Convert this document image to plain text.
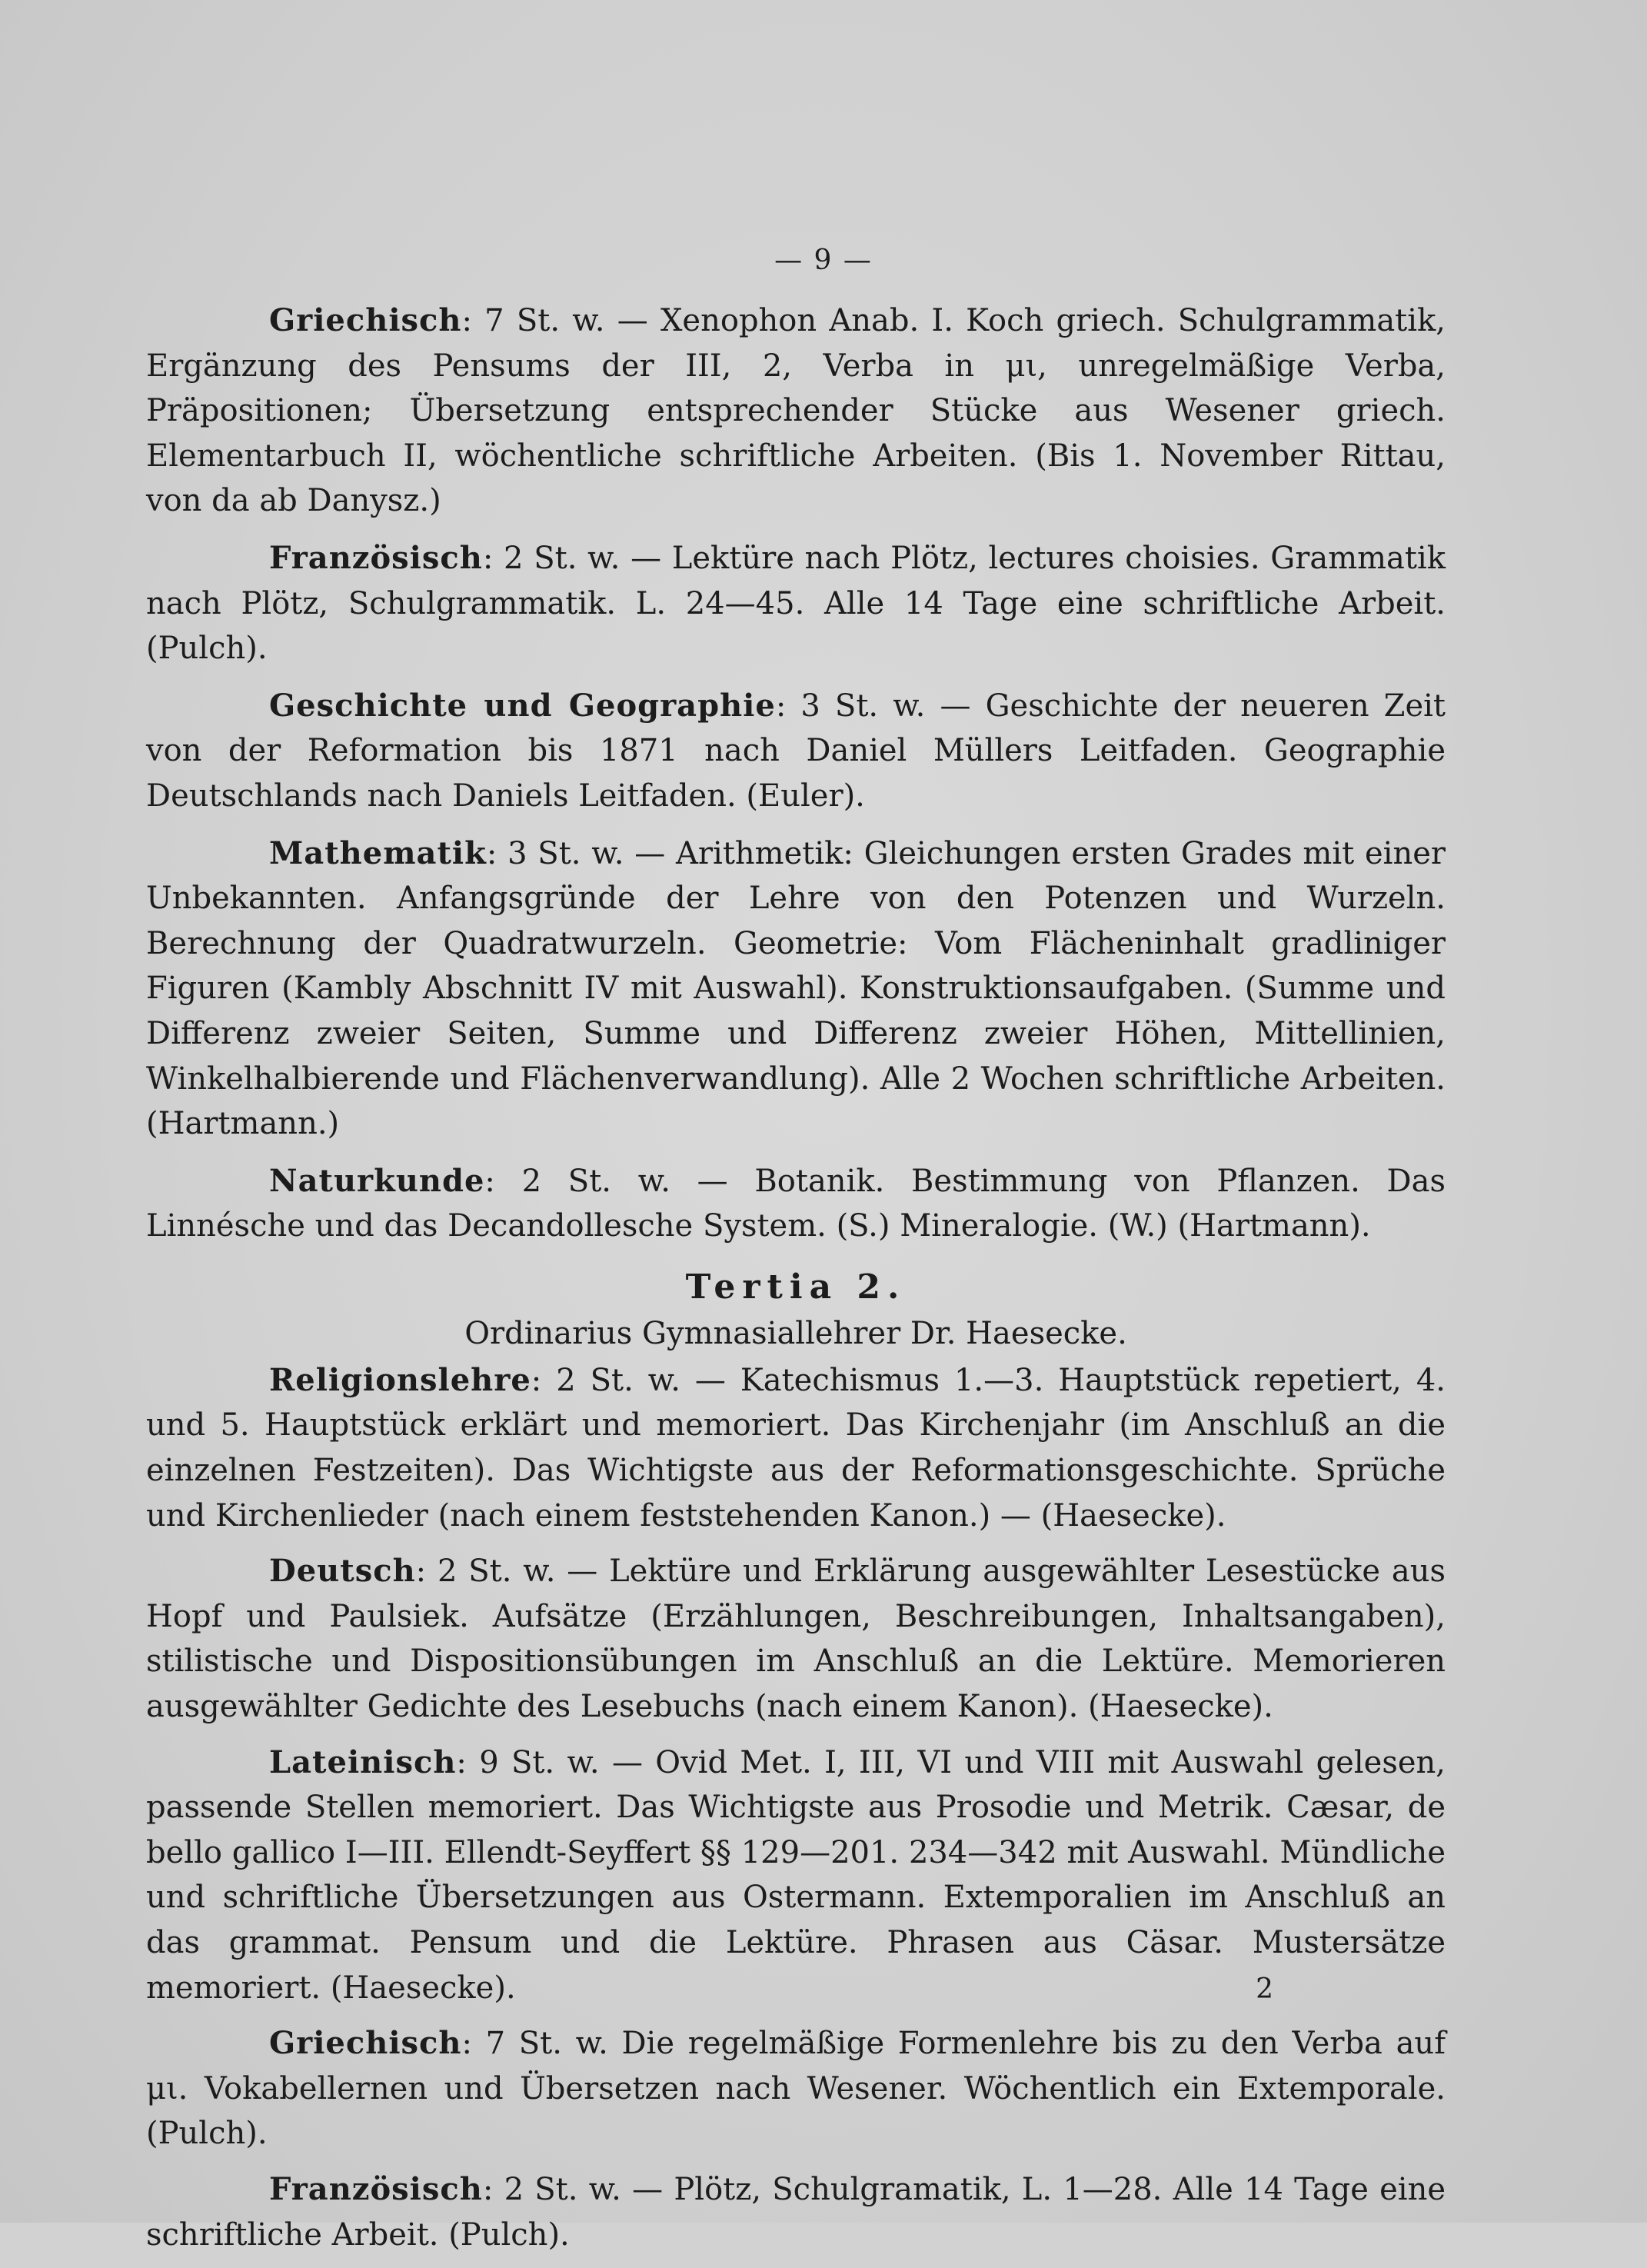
— 9 —

Griechisch: 7 St. w. — Xenophon Anab. I. Koch griech. Schulgrammatik, Ergänzung des Pensums der III, 2, Verba in μι, unregelmäßige Verba, Präpositionen; Übersetzung entsprechender Stücke aus Wesener griech. Elementarbuch II, wöchentliche schriftliche Arbeiten. (Bis 1. November Rittau, von da ab Danysz.)

Französisch: 2 St. w. — Lektüre nach Plötz, lectures choisies. Grammatik nach Plötz, Schulgrammatik. L. 24—45. Alle 14 Tage eine schriftliche Arbeit. (Pulch).

Geschichte und Geographie: 3 St. w. — Geschichte der neueren Zeit von der Reformation bis 1871 nach Daniel Müllers Leitfaden. Geographie Deutschlands nach Daniels Leitfaden. (Euler).

Mathematik: 3 St. w. — Arithmetik: Gleichungen ersten Grades mit einer Unbekannten. Anfangsgründe der Lehre von den Potenzen und Wurzeln. Berechnung der Quadratwurzeln. Geometrie: Vom Flächeninhalt gradliniger Figuren (Kambly Abschnitt IV mit Auswahl). Konstruktionsaufgaben. (Summe und Differenz zweier Seiten, Summe und Differenz zweier Höhen, Mittellinien, Winkelhalbierende und Flächenverwandlung). Alle 2 Wochen schriftliche Arbeiten. (Hartmann.)

Naturkunde: 2 St. w. — Botanik. Bestimmung von Pflanzen. Das Linnésche und das Decandollesche System. (S.) Mineralogie. (W.) (Hartmann).

Tertia 2.
Ordinarius Gymnasiallehrer Dr. Haesecke.

Religionslehre: 2 St. w. — Katechismus 1.—3. Hauptstück repetiert, 4. und 5. Hauptstück erklärt und memoriert. Das Kirchenjahr (im Anschluß an die einzelnen Festzeiten). Das Wichtigste aus der Reformationsgeschichte. Sprüche und Kirchenlieder (nach einem feststehenden Kanon.) — (Haesecke).

Deutsch: 2 St. w. — Lektüre und Erklärung ausgewählter Lesestücke aus Hopf und Paulsiek. Aufsätze (Erzählungen, Beschreibungen, Inhaltsangaben), stilistische und Dispositionsübungen im Anschluß an die Lektüre. Memorieren ausgewählter Gedichte des Lesebuchs (nach einem Kanon). (Haesecke).

Lateinisch: 9 St. w. — Ovid Met. I, III, VI und VIII mit Auswahl gelesen, passende Stellen memoriert. Das Wichtigste aus Prosodie und Metrik. Cæsar, de bello gallico I—III. Ellendt-Seyffert §§ 129—201. 234—342 mit Auswahl. Mündliche und schriftliche Übersetzungen aus Ostermann. Extemporalien im Anschluß an das grammat. Pensum und die Lektüre. Phrasen aus Cäsar. Mustersätze memoriert. (Haesecke).

Griechisch: 7 St. w. Die regelmäßige Formenlehre bis zu den Verba auf μι. Vokabellernen und Übersetzen nach Wesener. Wöchentlich ein Extemporale. (Pulch).

Französisch: 2 St. w. — Plötz, Schulgramatik, L. 1—28. Alle 14 Tage eine schriftliche Arbeit. (Pulch).

2
